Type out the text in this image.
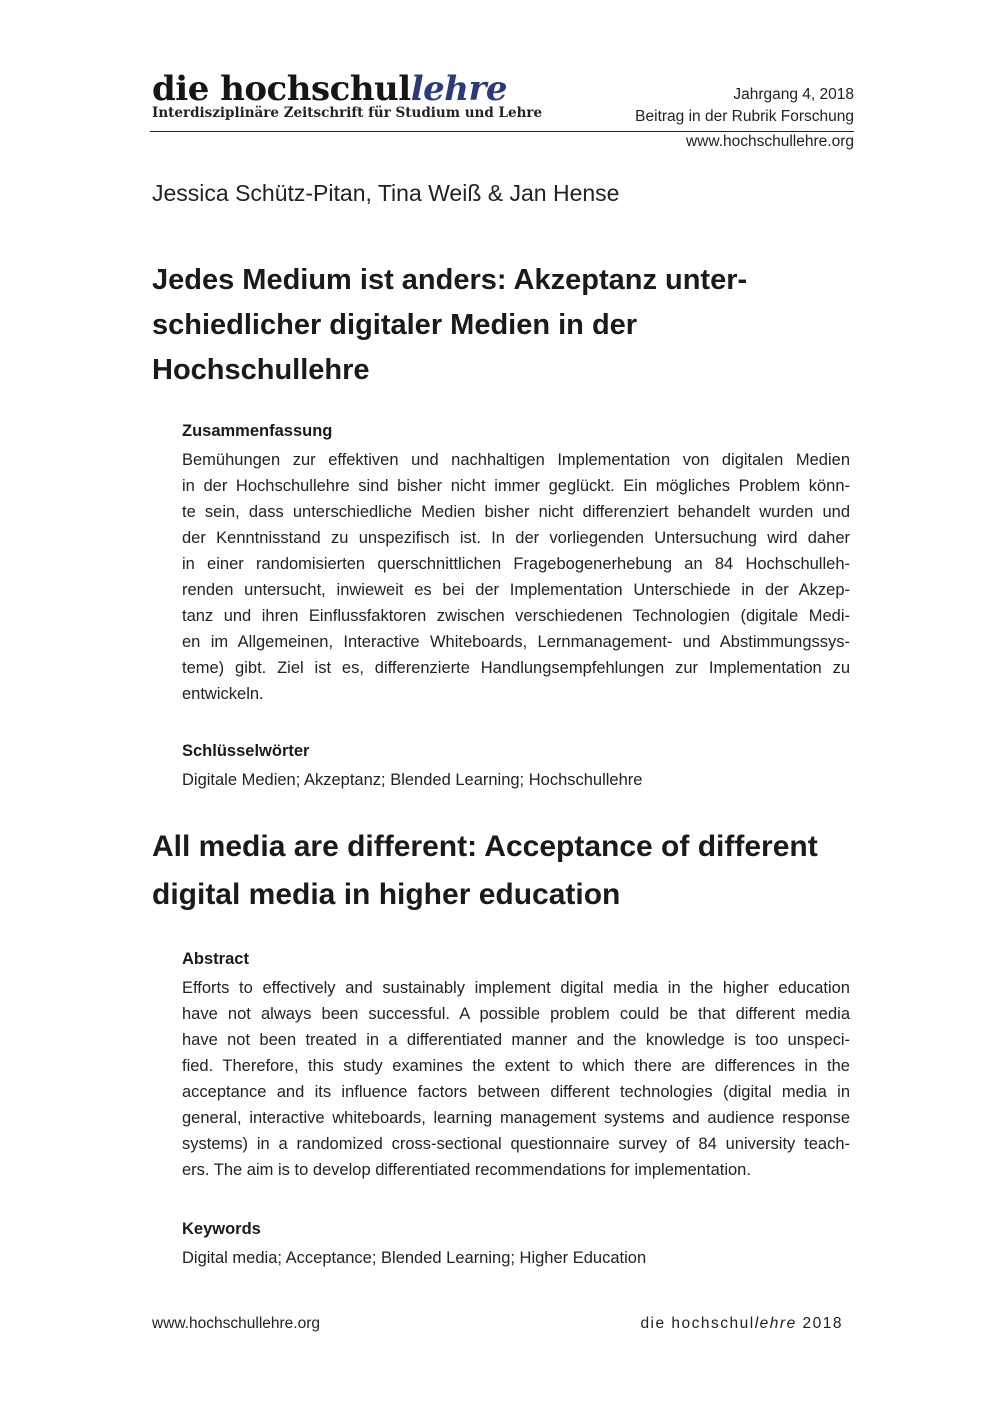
die hochschullehre
Interdisziplinäre Zeitschrift für Studium und Lehre
Jahrgang 4, 2018
Beitrag in der Rubrik Forschung
www.hochschullehre.org
Jessica Schütz-Pitan, Tina Weiß & Jan Hense
Jedes Medium ist anders: Akzeptanz unter-
schiedlicher digitaler Medien in der
Hochschullehre
Zusammenfassung
Bemühungen zur effektiven und nachhaltigen Implementation von digitalen Medien
in der Hochschullehre sind bisher nicht immer geglückt. Ein mögliches Problem könn-
te sein, dass unterschiedliche Medien bisher nicht differenziert behandelt wurden und
der Kenntnisstand zu unspezifisch ist. In der vorliegenden Untersuchung wird daher
in einer randomisierten querschnittlichen Fragebogenerhebung an 84 Hochschulleh-
renden untersucht, inwieweit es bei der Implementation Unterschiede in der Akzep-
tanz und ihren Einflussfaktoren zwischen verschiedenen Technologien (digitale Medi-
en im Allgemeinen, Interactive Whiteboards, Lernmanagement- und Abstimmungssys-
teme) gibt. Ziel ist es, differenzierte Handlungsempfehlungen zur Implementation zu
entwickeln.
Schlüsselwörter
Digitale Medien; Akzeptanz; Blended Learning; Hochschullehre
All media are different: Acceptance of different
digital media in higher education
Abstract
Efforts to effectively and sustainably implement digital media in the higher education
have not always been successful. A possible problem could be that different media
have not been treated in a differentiated manner and the knowledge is too unspeci-
fied. Therefore, this study examines the extent to which there are differences in the
acceptance and its influence factors between different technologies (digital media in
general, interactive whiteboards, learning management systems and audience response
systems) in a randomized cross-sectional questionnaire survey of 84 university teach-
ers. The aim is to develop differentiated recommendations for implementation.
Keywords
Digital media; Acceptance; Blended Learning; Higher Education
www.hochschullehre.org	die hochschullehre 2018
